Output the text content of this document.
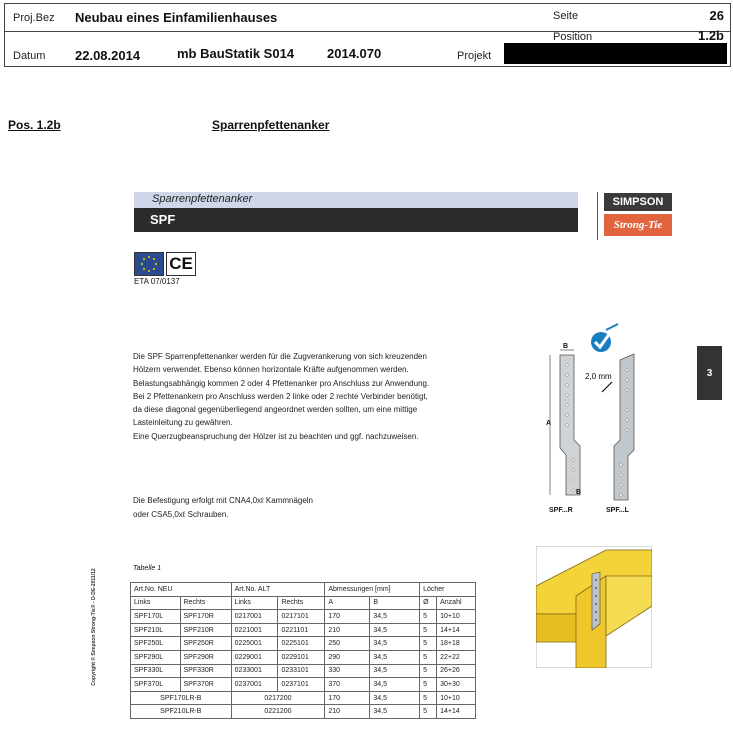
Proj.Bez Neubau eines Einfamilienhauses	Seite	26
Position	1.2b
Datum 22.08.2014	mb BauStatik S014	2014.070	Projekt
Pos. 1.2b	Sparrenpfettenanker
Sparrenpfettenanker
SPF
SIMPSON
Strong-Tie
CE
ETA 07/0137
Die SPF Sparrenpfettenanker werden für die Zugverankerung von sich kreuzenden
Hölzern verwendet. Ebenso können horizontale Kräfte aufgenommen werden.
Belastungsabhängig kommen 2 oder 4 Pfettenanker pro Anschluss zur Anwendung.
Bei 2 Pfettenankern pro Anschluss werden 2 linke oder 2 rechte Verbinder benötigt,
da diese diagonal gegenüberliegend angeordnet werden sollten, um eine mittige
Lasteinleitung zu gewähren.
Eine Querzugbeanspruchung der Hölzer ist zu beachten und ggf. nachzuweisen.
Die Befestigung erfolgt mit CNA4,0xℓ Kammnägeln
oder CSA5,0xℓ Schrauben.
3
Copyright © Simpson Strong-Tie® - D-DE-2011/12
B
A
B
2,0 mm
SPF...R	SPF...L
Tabelle 1
Art.No. NEU		Art.No. ALT		Abmessungen [mm]		Löcher	
Links	Rechts	Links	Rechts	A	B	Ø	Anzahl
SPF170L	SPF170R	0217001	0217101	170	34,5	5	10+10
SPF210L	SPF210R	0221001	0221101	210	34,5	5	14+14
SPF250L	SPF250R	0225001	0225101	250	34,5	5	18+18
SPF290L	SPF290R	0229001	0229101	290	34,5	5	22+22
SPF330L	SPF330R	0233001	0233101	330	34,5	5	26+26
SPF370L	SPF370R	0237001	0237101	370	34,5	5	30+30
SPF170LR-B		0217200		170	34,5	5	10+10
SPF210LR-B		0221200		210	34,5	5	14+14
